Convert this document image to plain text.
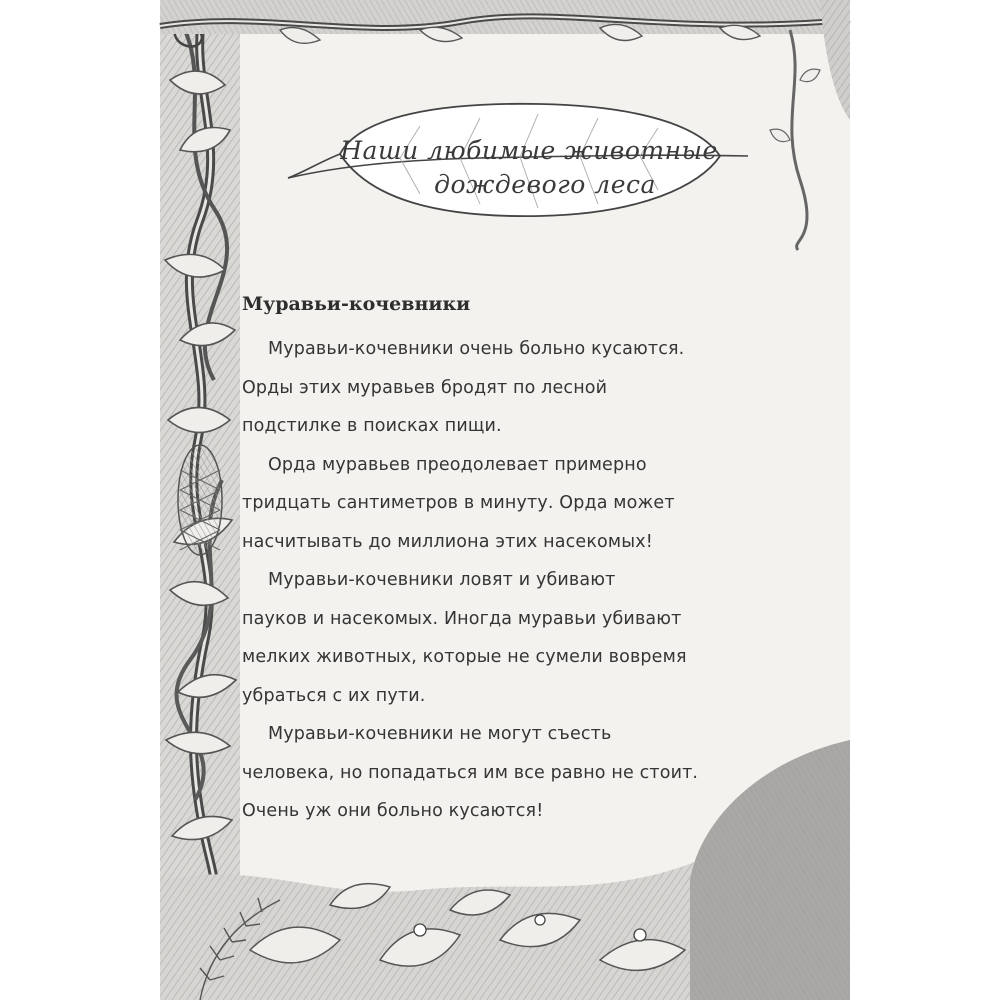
Наши любимые животные

дождевого леса

Муравьи-кочевники

Муравьи-кочевники очень больно кусаются.
Орды этих муравьев бродят по лесной
подстилке в поисках пищи.

Орда муравьев преодолевает примерно
тридцать сантиметров в минуту. Орда может
насчитывать до миллиона этих насекомых!

Муравьи-кочевники ловят и убивают
пауков и насекомых. Иногда муравьи убивают
мелких животных, которые не сумели вовремя
убраться с их пути.

Муравьи-кочевники не могут съесть
человека, но попадаться им все равно не стоит.
Очень уж они больно кусаются!
